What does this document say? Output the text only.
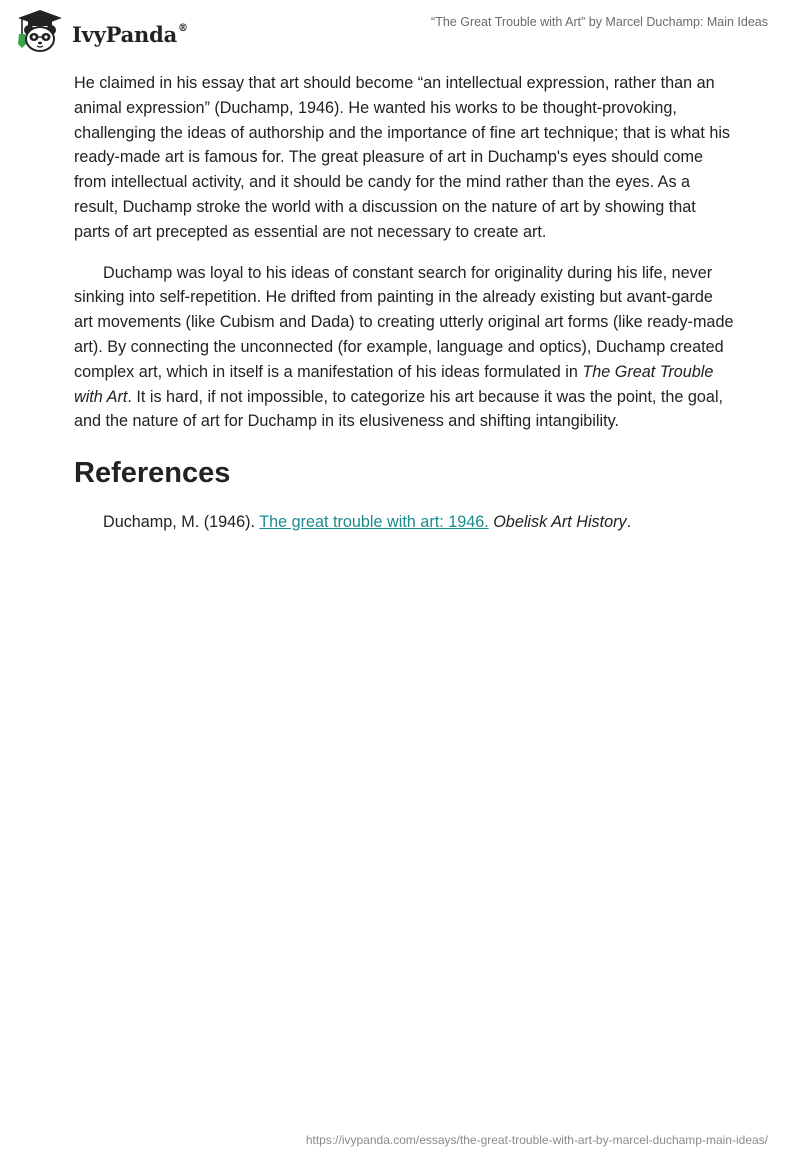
IvyPanda®	“The Great Trouble with Art” by Marcel Duchamp: Main Ideas

He claimed in his essay that art should become “an intellectual expression, rather than an animal expression” (Duchamp, 1946). He wanted his works to be thought-provoking, challenging the ideas of authorship and the importance of fine art technique; that is what his ready-made art is famous for. The great pleasure of art in Duchamp's eyes should come from intellectual activity, and it should be candy for the mind rather than the eyes. As a result, Duchamp stroke the world with a discussion on the nature of art by showing that parts of art precepted as essential are not necessary to create art.

Duchamp was loyal to his ideas of constant search for originality during his life, never sinking into self-repetition. He drifted from painting in the already existing but avant-garde art movements (like Cubism and Dada) to creating utterly original art forms (like ready-made art). By connecting the unconnected (for example, language and optics), Duchamp created complex art, which in itself is a manifestation of his ideas formulated in The Great Trouble with Art. It is hard, if not impossible, to categorize his art because it was the point, the goal, and the nature of art for Duchamp in its elusiveness and shifting intangibility.

References

Duchamp, M. (1946). The great trouble with art: 1946. Obelisk Art History.

https://ivypanda.com/essays/the-great-trouble-with-art-by-marcel-duchamp-main-ideas/
